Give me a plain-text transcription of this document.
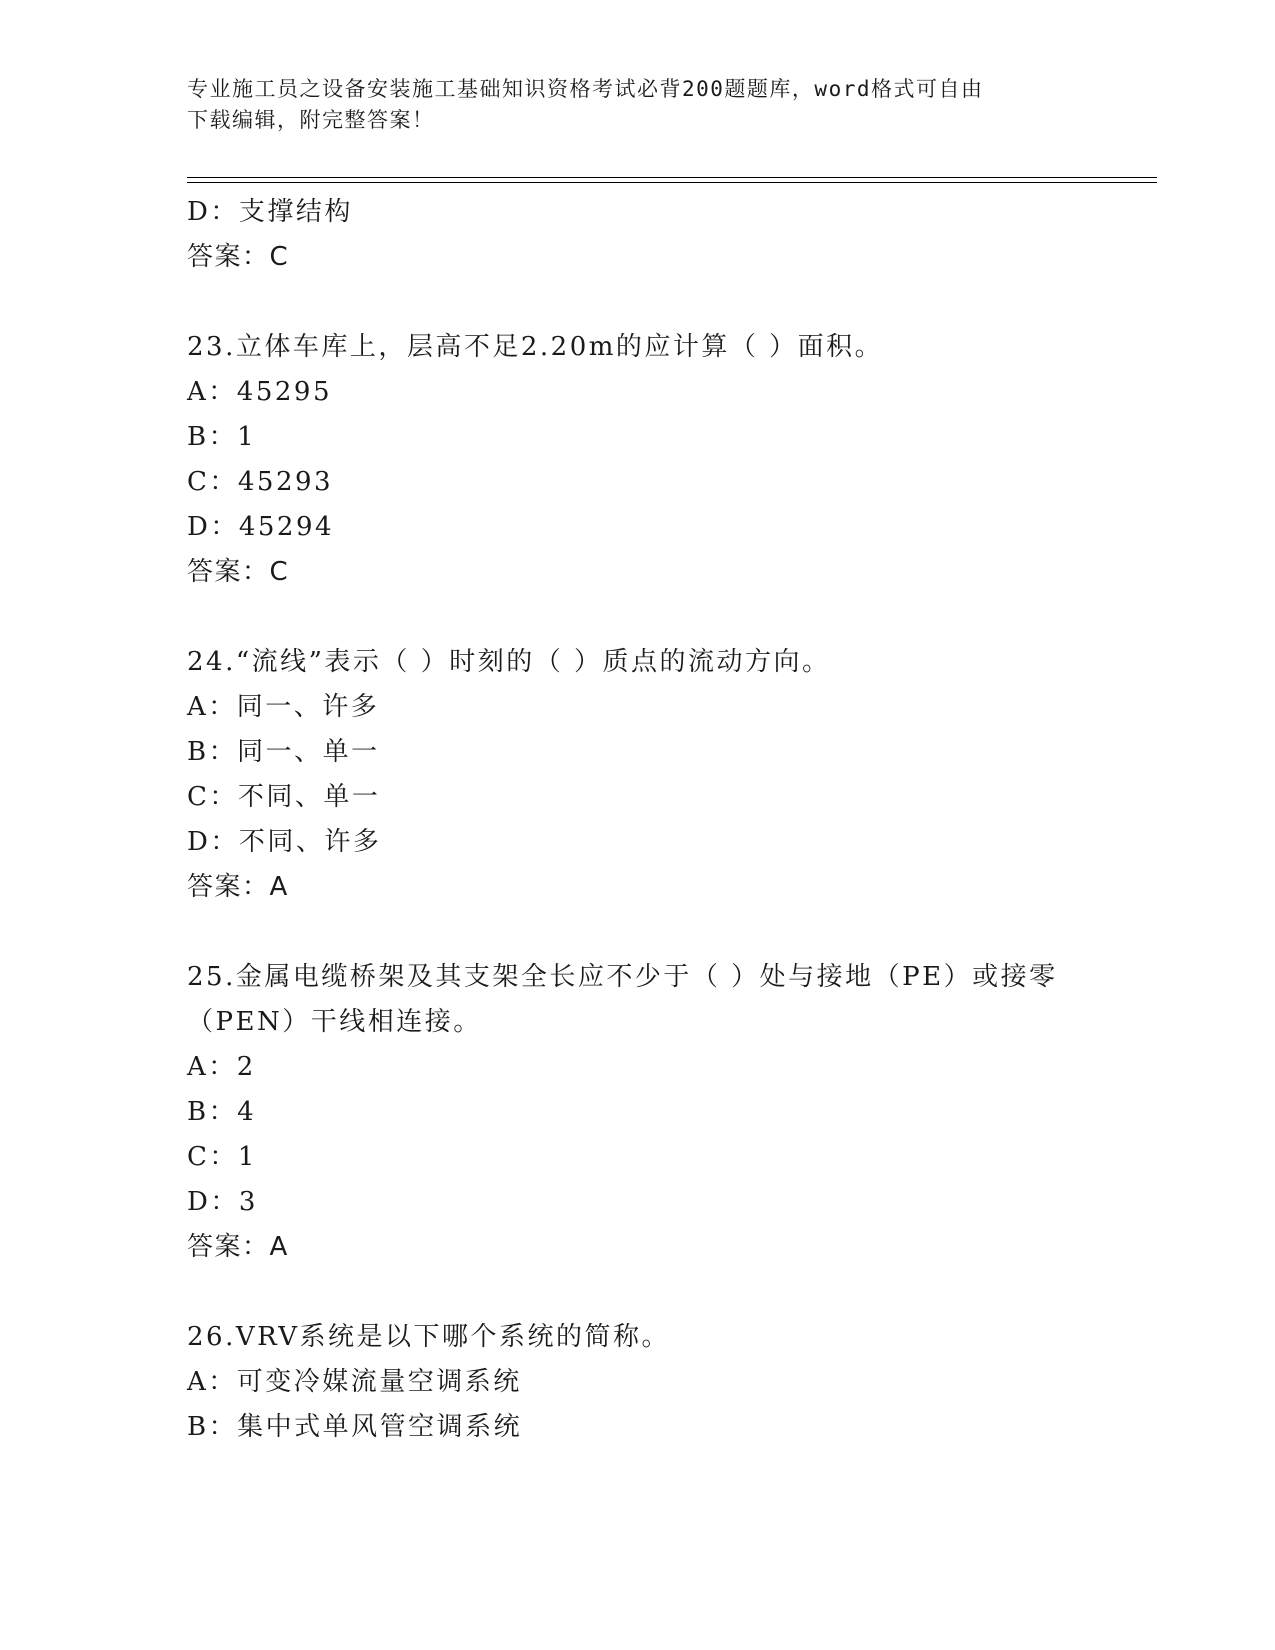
专业施工员之设备安装施工基础知识资格考试必背200题题库，word格式可自由
下载编辑，附完整答案！
D：支撑结构
答案：C
23.立体车库上，层高不足2.20m的应计算（ ）面积。
A：45295
B：1
C：45293
D：45294
答案：C
24.“流线”表示（ ）时刻的（ ）质点的流动方向。
A：同一、许多
B：同一、单一
C：不同、单一
D：不同、许多
答案：A
25.金属电缆桥架及其支架全长应不少于（ ）处与接地（PE）或接零
（PEN）干线相连接。
A：2
B：4
C：1
D：3
答案：A
26.VRV系统是以下哪个系统的简称。
A：可变冷媒流量空调系统
B：集中式单风管空调系统
